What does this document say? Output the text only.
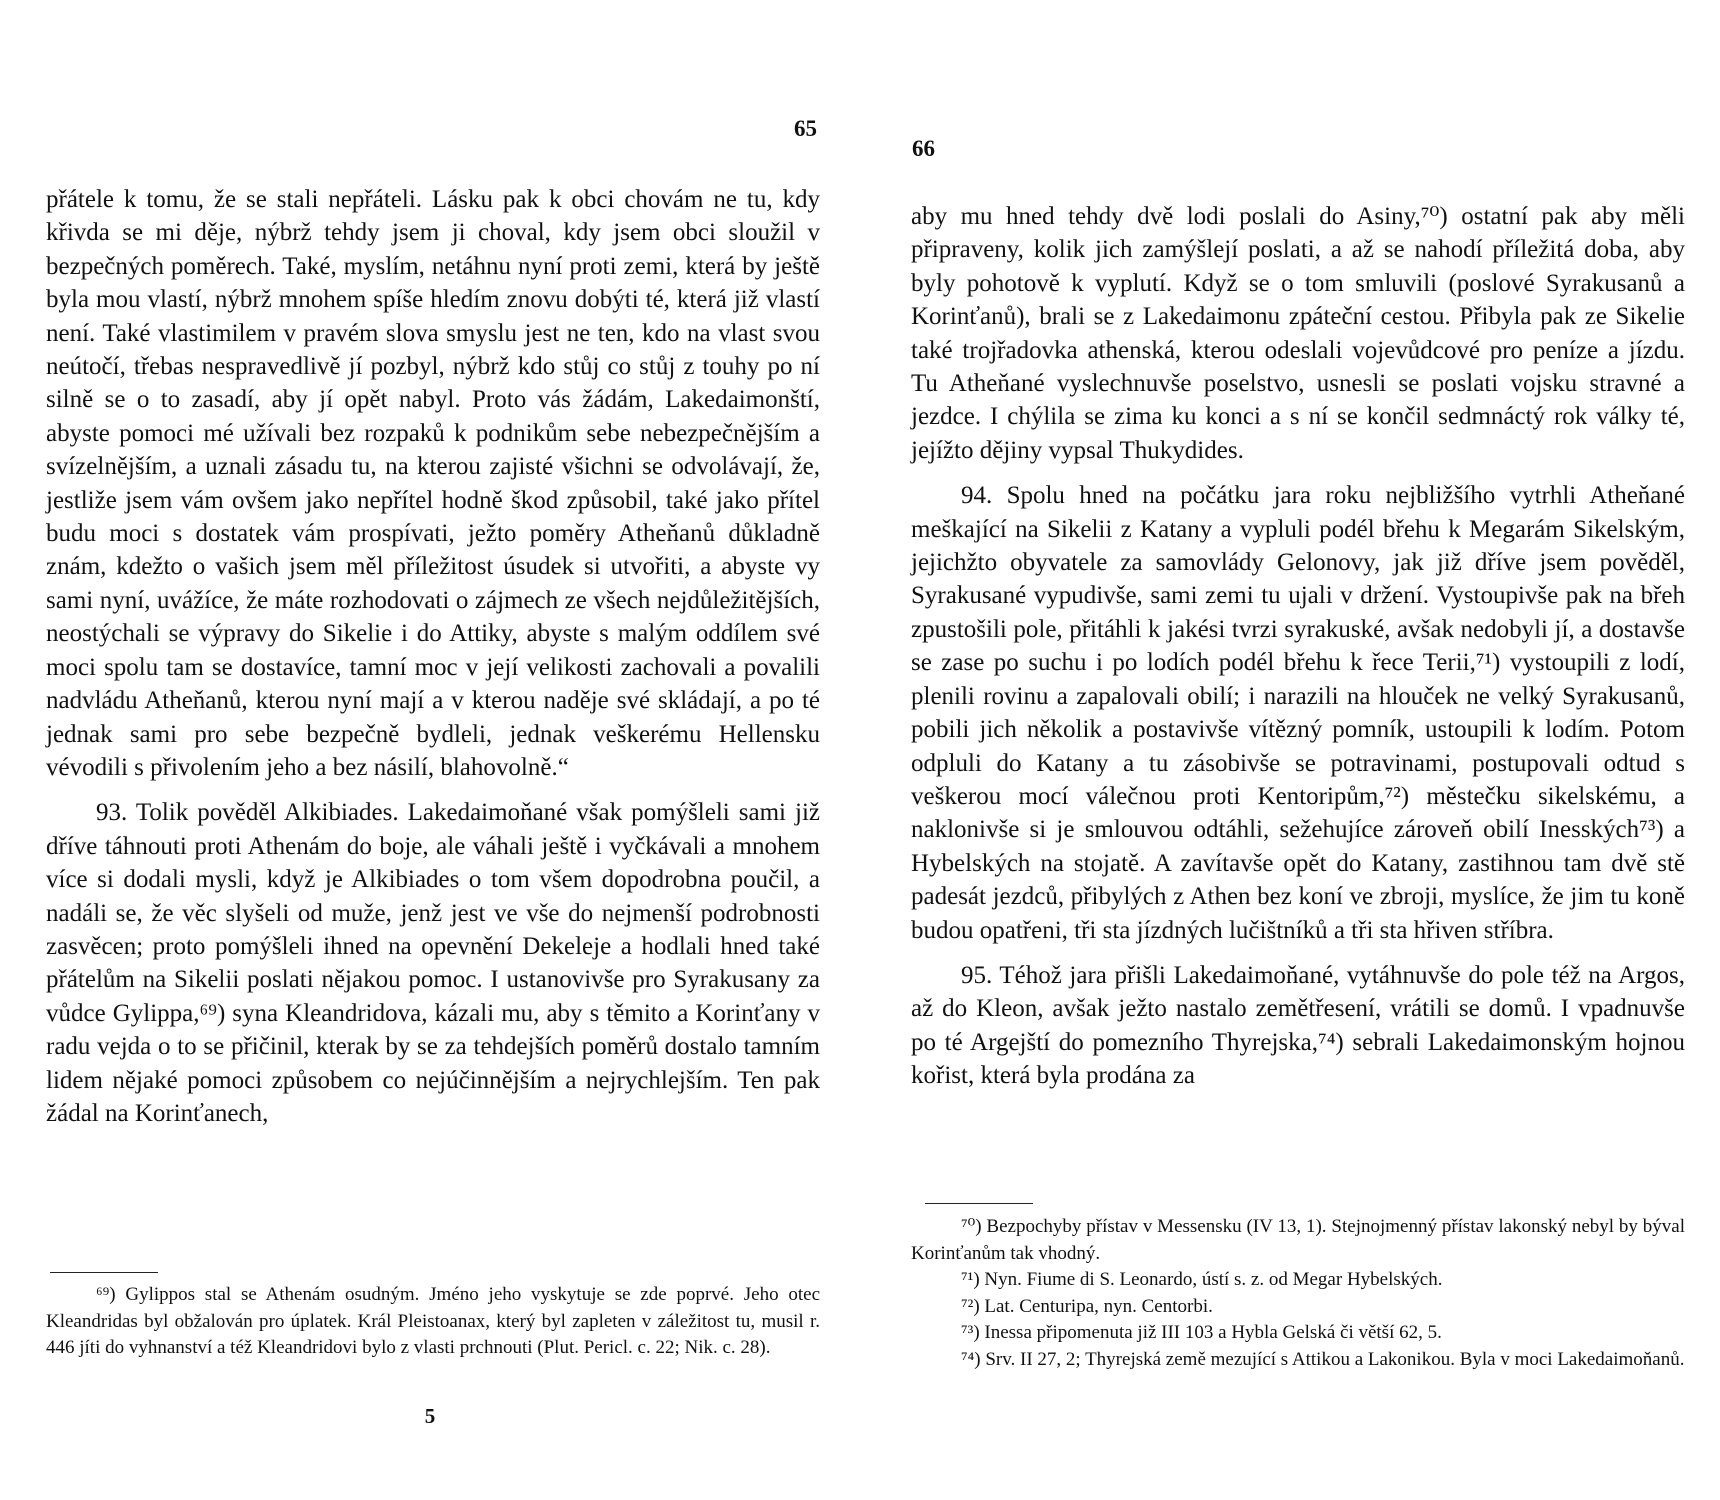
65

přátele k tomu, že se stali nepřáteli. Lásku pak k obci chovám ne tu, kdy křivda se mi děje, nýbrž tehdy jsem ji choval, kdy jsem obci sloužil v bezpečných poměrech. Také, myslím, netáhnu nyní proti zemi, která by ještě byla mou vlastí, nýbrž mnohem spíše hledím znovu dobýti té, která již vlastí není. Také vlastimilem v pravém slova smyslu jest ne ten, kdo na vlast svou neútočí, třebas nespravedlivě jí pozbyl, nýbrž kdo stůj co stůj z touhy po ní silně se o to zasadí, aby jí opět nabyl. Proto vás žádám, Lakedaimonští, abyste pomoci mé užívali bez rozpaků k podnikům sebe nebezpečnějším a svízelnějším, a uznali zásadu tu, na kterou zajisté všichni se odvolávají, že, jestliže jsem vám ovšem jako nepřítel hodně škod způsobil, také jako přítel budu moci s dostatek vám prospívati, ježto poměry Atheňanů důkladně znám, kdežto o vašich jsem měl příležitost úsudek si utvořiti, a abyste vy sami nyní, uvážíce, že máte rozhodovati o zájmech ze všech nejdůležitějších, neostýchali se výpravy do Sikelie i do Attiky, abyste s malým oddílem své moci spolu tam se dostavíce, tamní moc v její velikosti zachovali a povalili nadvládu Atheňanů, kterou nyní mají a v kterou naděje své skládají, a po té jednak sami pro sebe bezpečně bydleli, jednak veškerému Hellensku vévodili s přivolením jeho a bez násilí, blahovolně.“

93. Tolik pověděl Alkibiades. Lakedaimoňané však pomýšleli sami již dříve táhnouti proti Athenám do boje, ale váhali ještě i vyčkávali a mnohem více si dodali mysli, když je Alkibiades o tom všem dopodrobna poučil, a nadáli se, že věc slyšeli od muže, jenž jest ve vše do nejmenší podrobnosti zasvěcen; proto pomýšleli ihned na opevnění Dekeleje a hodlali hned také přátelům na Sikelii poslati nějakou pomoc. I ustanovivše pro Syrakusany za vůdce Gylippa,⁶⁹) syna Kleandridova, kázali mu, aby s těmito a Korinťany v radu vejda o to se přičinil, kterak by se za tehdejších poměrů dostalo tamním lidem nějaké pomoci způsobem co nejúčinnějším a nejrychlejším. Ten pak žádal na Korinťanech,

⁶⁹) Gylippos stal se Athenám osudným. Jméno jeho vyskytuje se zde poprvé. Jeho otec Kleandridas byl obžalován pro úplatek. Král Pleistoanax, který byl zapleten v záležitost tu, musil r. 446 jíti do vyhnanství a též Kleandridovi bylo z vlasti prchnouti (Plut. Pericl. c. 22; Nik. c. 28).

5
66

aby mu hned tehdy dvě lodi poslali do Asiny,⁷⁰) ostatní pak aby měli připraveny, kolik jich zamýšlejí poslati, a až se nahodí příležitá doba, aby byly pohotově k vyplutí. Když se o tom smluvili (poslové Syrakusanů a Korinťanů), brali se z Lakedaimonu zpáteční cestou. Přibyla pak ze Sikelie také trojřadovka athenská, kterou odeslali vojevůdcové pro peníze a jízdu. Tu Atheňané vyslechnuvše poselstvo, usnesli se poslati vojsku stravné a jezdce. I chýlila se zima ku konci a s ní se končil sedmnáctý rok války té, jejížto dějiny vypsal Thukydides.

94. Spolu hned na počátku jara roku nejbližšího vytrhli Atheňané meškající na Sikelii z Katany a vypluli podél břehu k Megarám Sikelským, jejichžto obyvatele za samovlády Gelonovy, jak již dříve jsem pověděl, Syrakusané vypudivše, sami zemi tu ujali v držení. Vystoupivše pak na břeh zpustošili pole, přitáhli k jakési tvrzi syrakuské, avšak nedobyli jí, a dostavše se zase po suchu i po lodích podél břehu k řece Terii,⁷¹) vystoupili z lodí, plenili rovinu a zapalovali obilí; i narazili na hlouček ne velký Syrakusanů, pobili jich několik a postavivše vítězný pomník, ustoupili k lodím. Potom odpluli do Katany a tu zásobivše se potravinami, postupovali odtud s veškerou mocí válečnou proti Kentoripům,⁷²) městečku sikelskému, a naklonivše si je smlouvou odtáhli, sežehujíce zároveň obilí Inesských⁷³) a Hybelských na stojatě. A zavítavše opět do Katany, zastihnou tam dvě stě padesát jezdců, přibylých z Athen bez koní ve zbroji, myslíce, že jim tu koně budou opatřeni, tři sta jízdných lučištníků a tři sta hřiven stříbra.

95. Téhož jara přišli Lakedaimoňané, vytáhnuvše do pole též na Argos, až do Kleon, avšak ježto nastalo zemětřesení, vrátili se domů. I vpadnuvše po té Argejští do pomezního Thyrejska,⁷⁴) sebrali Lakedaimonským hojnou kořist, která byla prodána za

⁷⁰) Bezpochyby přístav v Messensku (IV 13, 1). Stejnojmenný přístav lakonský nebyl by býval Korinťanům tak vhodný.

⁷¹) Nyn. Fiume di S. Leonardo, ústí s. z. od Megar Hybelských.

⁷²) Lat. Centuripa, nyn. Centorbi.

⁷³) Inessa připomenuta již III 103 a Hybla Gelská či větší 62, 5.

⁷⁴) Srv. II 27, 2; Thyrejská země mezující s Attikou a Lakonikou. Byla v moci Lakedaimoňanů.
